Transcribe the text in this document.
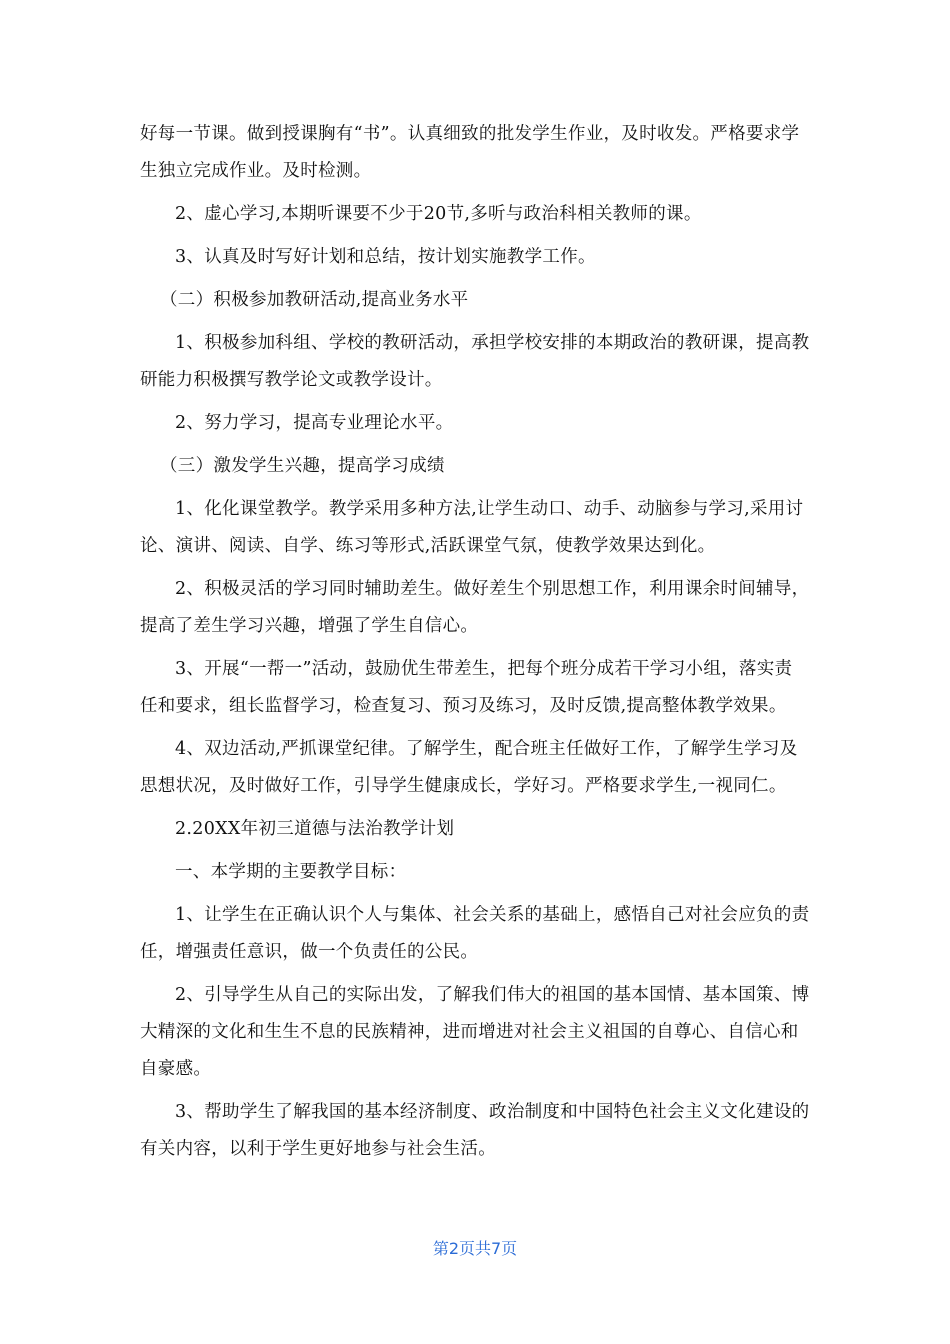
好每一节课。做到授课胸有“书”。认真细致的批发学生作业，及时收发。严格要求学生独立完成作业。及时检测。

2、虚心学习,本期听课要不少于20节,多听与政治科相关教师的课。

3、认真及时写好计划和总结，按计划实施教学工作。

（二）积极参加教研活动,提高业务水平

1、积极参加科组、学校的教研活动，承担学校安排的本期政治的教研课，提高教研能力积极撰写教学论文或教学设计。

2、努力学习，提高专业理论水平。

（三）激发学生兴趣，提高学习成绩

1、化化课堂教学。教学采用多种方法,让学生动口、动手、动脑参与学习,采用讨论、演讲、阅读、自学、练习等形式,活跃课堂气氛，使教学效果达到化。

2、积极灵活的学习同时辅助差生。做好差生个别思想工作，利用课余时间辅导，提高了差生学习兴趣，增强了学生自信心。

3、开展“一帮一”活动，鼓励优生带差生，把每个班分成若干学习小组，落实责任和要求，组长监督学习，检查复习、预习及练习，及时反馈,提高整体教学效果。

4、双边活动,严抓课堂纪律。了解学生，配合班主任做好工作，了解学生学习及思想状况，及时做好工作，引导学生健康成长，学好习。严格要求学生,一视同仁。

2.20XX年初三道德与法治教学计划

一、本学期的主要教学目标：

1、让学生在正确认识个人与集体、社会关系的基础上，感悟自己对社会应负的责任，增强责任意识，做一个负责任的公民。

2、引导学生从自己的实际出发，了解我们伟大的祖国的基本国情、基本国策、博大精深的文化和生生不息的民族精神，进而增进对社会主义祖国的自尊心、自信心和自豪感。

3、帮助学生了解我国的基本经济制度、政治制度和中国特色社会主义文化建设的有关内容，以利于学生更好地参与社会生活。

第2页共7页
